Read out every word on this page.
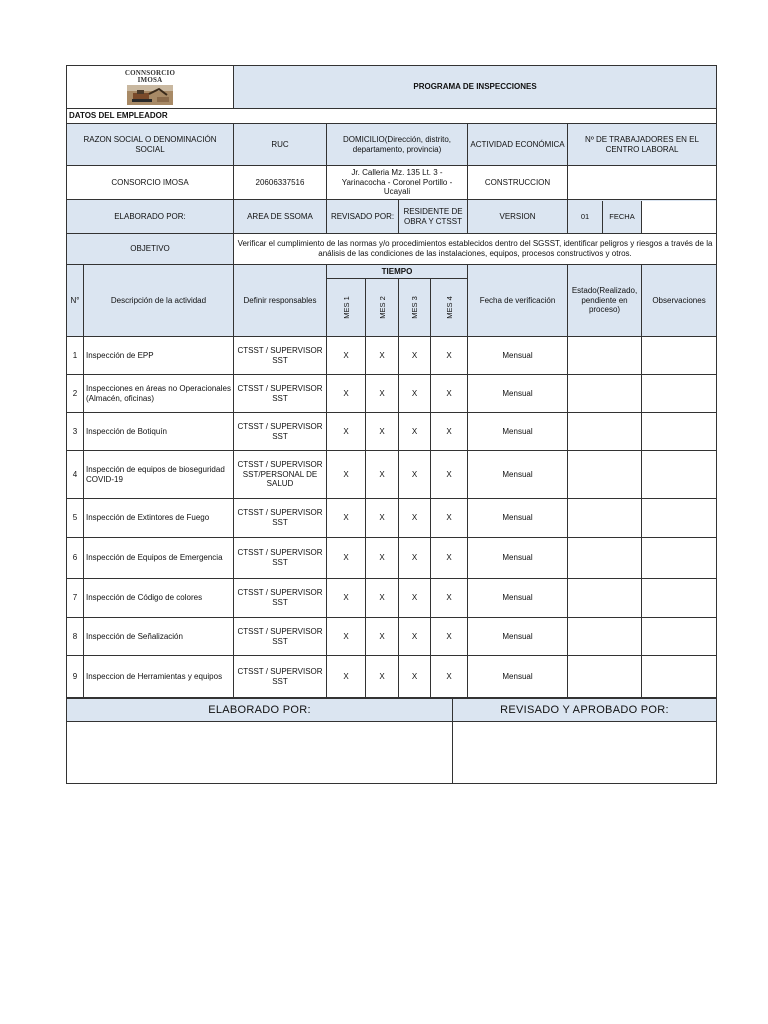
CONNSORCIO
IMOSA		PROGRAMA DE INSPECCIONES							
DATOS DEL EMPLEADOR									
RAZON SOCIAL O DENOMINACIÓN SOCIAL		RUC	DOMICILIO(Dirección, distrito, departamento, provincia)				ACTIVIDAD ECONÓMICA	Nº DE TRABAJADORES EN EL CENTRO LABORAL	
CONSORCIO IMOSA		20606337516	Jr. Calleria Mz. 135 Lt. 3 - Yarinacocha - Coronel Portillo - Ucayali				CONSTRUCCION		
ELABORADO POR:		AREA DE SSOMA	REVISADO POR:		RESIDENTE DE OBRA Y CTSST		VERSION	01 FECHA	

OBJETIVO		Verificar el cumplimiento de las normas y/o procedimientos establecidos dentro del SGSST, identificar peligros y riesgos a través de la análisis de las condiciones de las instalaciones, equipos, procesos constructivos y otros.							
N°	Descripción de la actividad	Definir responsables	TIEMPO				Fecha de verificación	Estado(Realizado, pendiente en proceso)	Observaciones
			MES 1	MES 2	MES 3	MES 4			
1	Inspección de EPP	CTSST / SUPERVISOR SST	X	X	X	X	Mensual		
2	Inspecciones en áreas no Operacionales (Almacén, oficinas)	CTSST / SUPERVISOR SST	X	X	X	X	Mensual		
3	Inspección de Botiquín	CTSST / SUPERVISOR SST	X	X	X	X	Mensual		
4	Inspección de equipos de bioseguridad COVID-19	CTSST / SUPERVISOR SST/PERSONAL DE SALUD	X	X	X	X	Mensual		
5	Inspección de Extintores de Fuego	CTSST / SUPERVISOR SST	X	X	X	X	Mensual		
6	Inspección de Equipos de Emergencia	CTSST / SUPERVISOR SST	X	X	X	X	Mensual		
7	Inspección de Código de colores	CTSST / SUPERVISOR SST	X	X	X	X	Mensual		
8	Inspección de Señalización	CTSST / SUPERVISOR SST	X	X	X	X	Mensual		
9	Inspeccion de Herramientas y equipos	CTSST / SUPERVISOR SST	X	X	X	X	Mensual		
ELABORADO POR:	REVISADO Y APROBADO POR:
